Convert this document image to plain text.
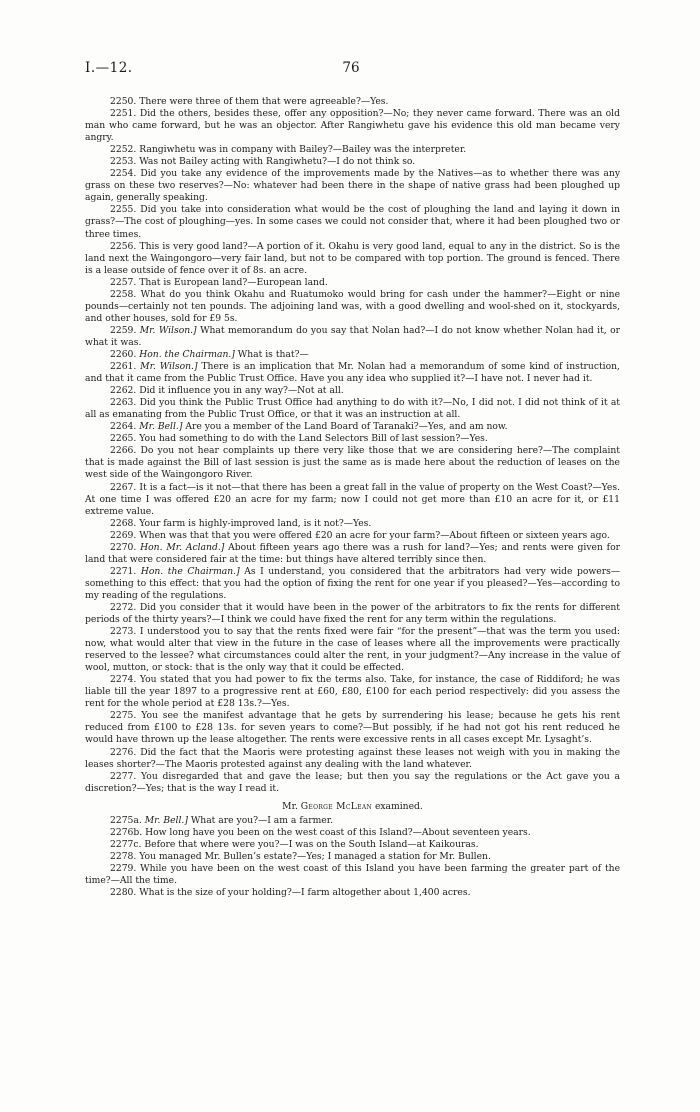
I.—12.	76

2250. There were three of them that were agreeable?—Yes.

2251. Did the others, besides these, offer any opposition?—No; they never came forward. There was an old man who came forward, but he was an objector. After Rangiwhetu gave his evidence this old man became very angry.

2252. Rangiwhetu was in company with Bailey?—Bailey was the interpreter.

2253. Was not Bailey acting with Rangiwhetu?—I do not think so.

2254. Did you take any evidence of the improvements made by the Natives—as to whether there was any grass on these two reserves?—No: whatever had been there in the shape of native grass had been ploughed up again, generally speaking.

2255. Did you take into consideration what would be the cost of ploughing the land and laying it down in grass?—The cost of ploughing—yes. In some cases we could not consider that, where it had been ploughed two or three times.

2256. This is very good land?—A portion of it. Okahu is very good land, equal to any in the district. So is the land next the Waingongoro—very fair land, but not to be compared with top portion. The ground is fenced. There is a lease outside of fence over it of 8s. an acre.

2257. That is European land?—European land.

2258. What do you think Okahu and Ruatumoko would bring for cash under the hammer?—Eight or nine pounds—certainly not ten pounds. The adjoining land was, with a good dwelling and wool-shed on it, stockyards, and other houses, sold for £9 5s.

2259. Mr. Wilson.] What memorandum do you say that Nolan had?—I do not know whether Nolan had it, or what it was.

2260. Hon. the Chairman.] What is that?—

2261. Mr. Wilson.] There is an implication that Mr. Nolan had a memorandum of some kind of instruction, and that it came from the Public Trust Office. Have you any idea who supplied it?—I have not. I never had it.

2262. Did it influence you in any way?—Not at all.

2263. Did you think the Public Trust Office had anything to do with it?—No, I did not. I did not think of it at all as emanating from the Public Trust Office, or that it was an instruction at all.

2264. Mr. Bell.] Are you a member of the Land Board of Taranaki?—Yes, and am now.

2265. You had something to do with the Land Selectors Bill of last session?—Yes.

2266. Do you not hear complaints up there very like those that we are considering here?—The complaint that is made against the Bill of last session is just the same as is made here about the reduction of leases on the west side of the Waingongoro River.

2267. It is a fact—is it not—that there has been a great fall in the value of property on the West Coast?—Yes. At one time I was offered £20 an acre for my farm; now I could not get more than £10 an acre for it, or £11 extreme value.

2268. Your farm is highly-improved land, is it not?—Yes.

2269. When was that that you were offered £20 an acre for your farm?—About fifteen or sixteen years ago.

2270. Hon. Mr. Acland.] About fifteen years ago there was a rush for land?—Yes; and rents were given for land that were considered fair at the time: but things have altered terribly since then.

2271. Hon. the Chairman.] As I understand, you considered that the arbitrators had very wide powers—something to this effect: that you had the option of fixing the rent for one year if you pleased?—Yes—according to my reading of the regulations.

2272. Did you consider that it would have been in the power of the arbitrators to fix the rents for different periods of the thirty years?—I think we could have fixed the rent for any term within the regulations.

2273. I understood you to say that the rents fixed were fair “for the present”—that was the term you used: now, what would alter that view in the future in the case of leases where all the improvements were practically reserved to the lessee? what circumstances could alter the rent, in your judgment?—Any increase in the value of wool, mutton, or stock: that is the only way that it could be effected.

2274. You stated that you had power to fix the terms also. Take, for instance, the case of Riddiford; he was liable till the year 1897 to a progressive rent at £60, £80, £100 for each period respectively: did you assess the rent for the whole period at £28 13s.?—Yes.

2275. You see the manifest advantage that he gets by surrendering his lease; because he gets his rent reduced from £100 to £28 13s. for seven years to come?—But possibly, if he had not got his rent reduced he would have thrown up the lease altogether. The rents were excessive rents in all cases except Mr. Lysaght’s.

2276. Did the fact that the Maoris were protesting against these leases not weigh with you in making the leases shorter?—The Maoris protested against any dealing with the land whatever.

2277. You disregarded that and gave the lease; but then you say the regulations or the Act gave you a discretion?—Yes; that is the way I read it.

Mr. George McLean examined.

2275a. Mr. Bell.] What are you?—I am a farmer.

2276b. How long have you been on the west coast of this Island?—About seventeen years.

2277c. Before that where were you?—I was on the South Island—at Kaikouras.

2278. You managed Mr. Bullen’s estate?—Yes; I managed a station for Mr. Bullen.

2279. While you have been on the west coast of this Island you have been farming the greater part of the time?—All the time.

2280. What is the size of your holding?—I farm altogether about 1,400 acres.
